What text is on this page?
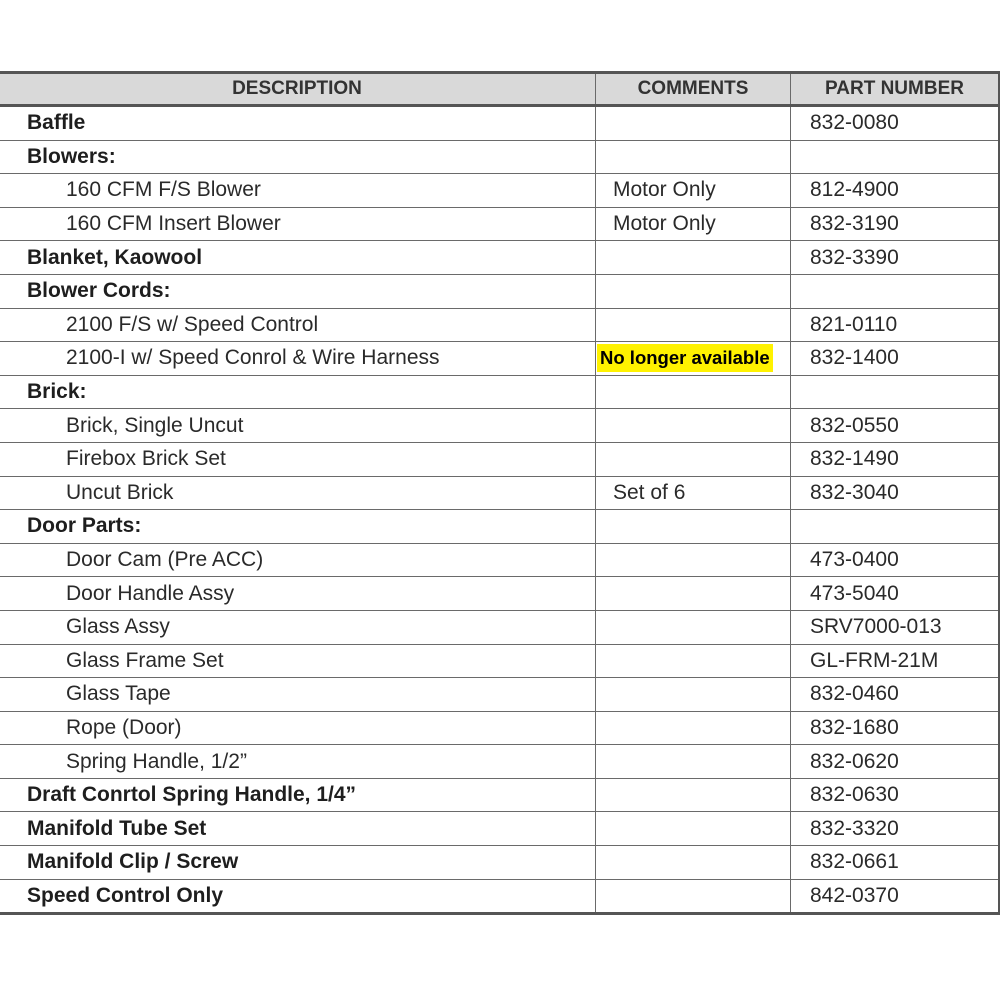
DESCRIPTION	COMMENTS	PART NUMBER
Baffle		832-0080
Blowers:		
160 CFM F/S Blower	Motor Only	812-4900
160 CFM Insert Blower	Motor Only	832-3190
Blanket, Kaowool		832-3390
Blower Cords:		
2100 F/S w/ Speed Control		821-0110
2100-I w/ Speed Conrol & Wire Harness	No longer available	832-1400
Brick:		
Brick, Single Uncut		832-0550
Firebox Brick Set		832-1490
Uncut Brick	Set of 6	832-3040
Door Parts:		
Door Cam (Pre ACC)		473-0400
Door Handle Assy		473-5040
Glass Assy		SRV7000-013
Glass Frame Set		GL-FRM-21M
Glass Tape		832-0460
Rope (Door)		832-1680
Spring Handle, 1/2”		832-0620
Draft Conrtol Spring Handle, 1/4”		832-0630
Manifold Tube Set		832-3320
Manifold Clip / Screw		832-0661
Speed Control Only		842-0370
